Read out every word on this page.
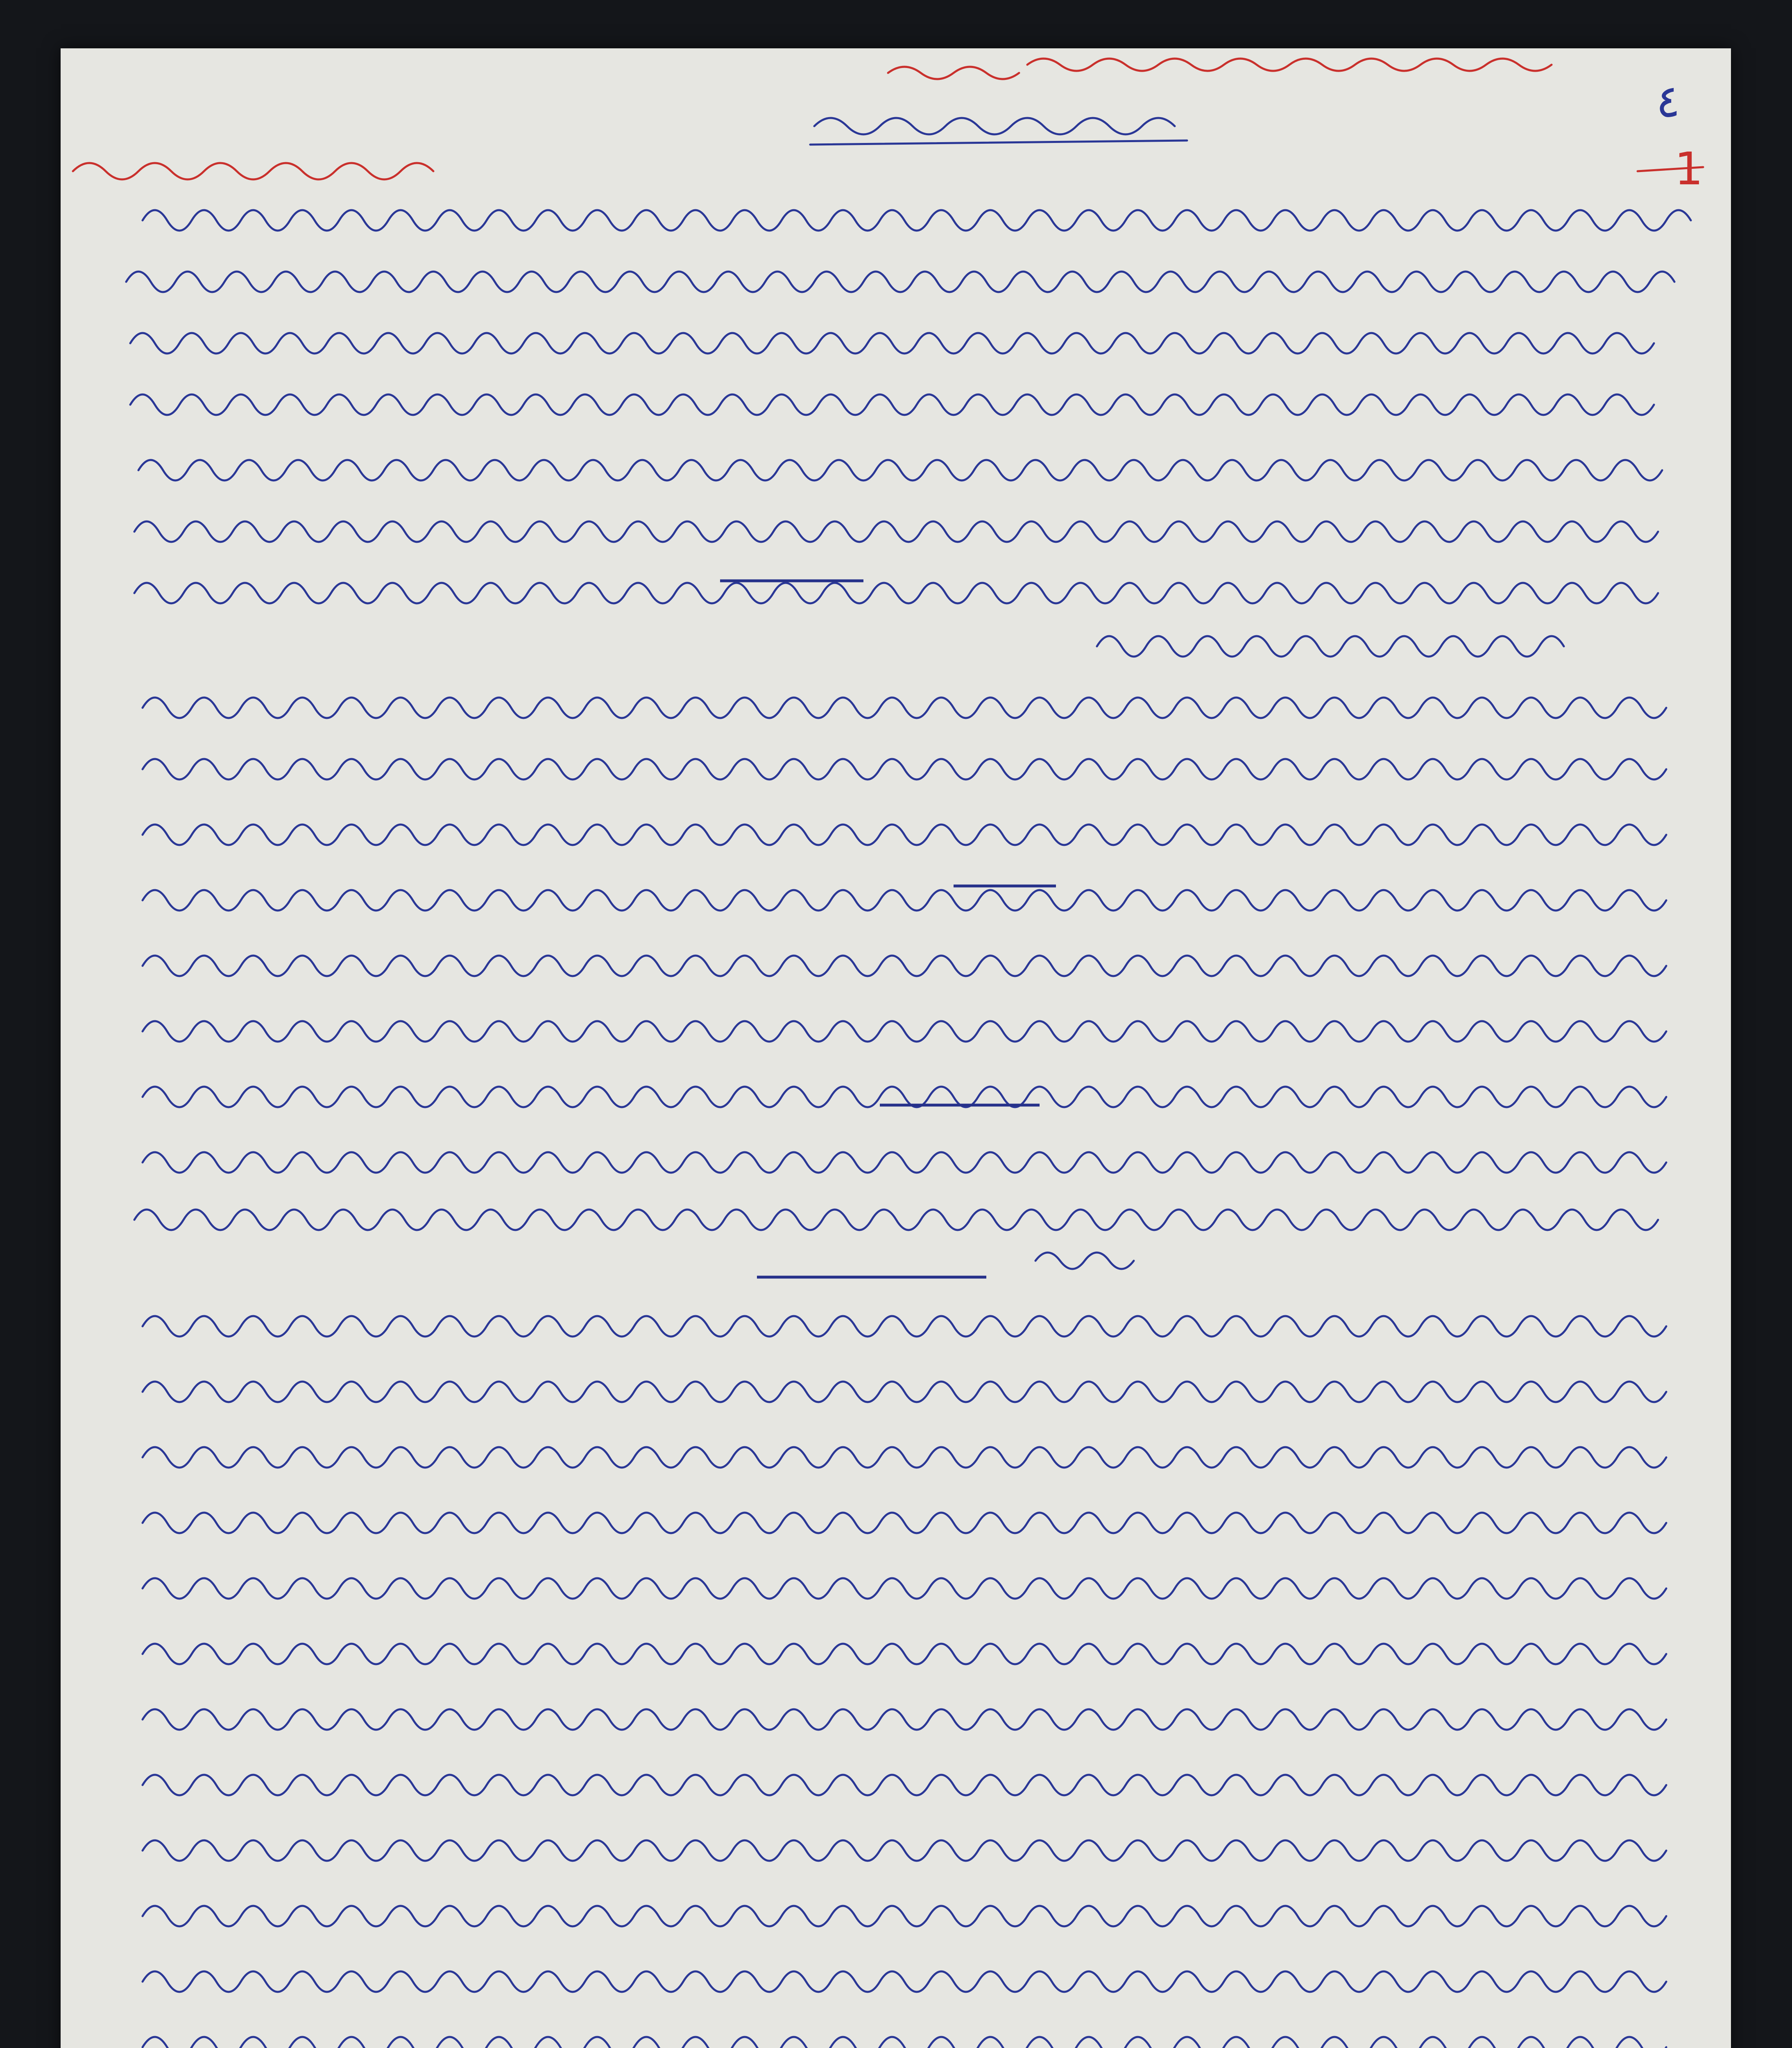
٤
1
